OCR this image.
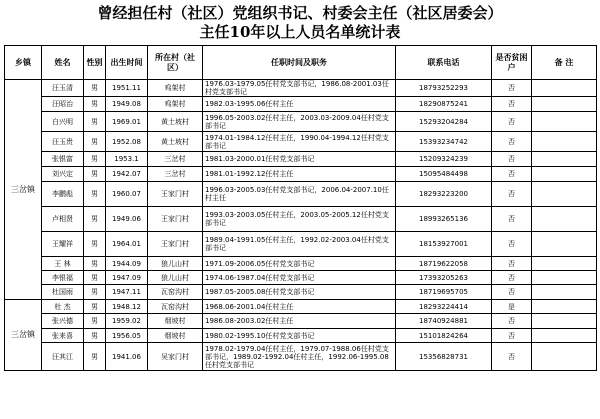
曾经担任村（社区）党组织书记、村委会主任（社区居委会）
主任10年以上人员名单统计表
乡镇	姓名	性别	出生时间	所在村（社区）	任职时间及职务	联系电话	是否贫困户	备 注
三岔镇	汪玉清	男	1951.11	鸡架村	1976.03-1979.05任村党支部书记，1986.08-2001.03任村党支部书记	18793252293	否	
	汪昭治	男	1949.08	鸡架村	1982.03-1995.06任村主任	18290875241	否	
	白兴明	男	1969.01	黄土坡村	1996.05-2003.02任村主任，2003.03-2009.04任村党支部书记	15293204284	否	
	汪玉贵	男	1952.08	黄土坡村	1974.01-1984.12任村主任，1990.04-1994.12任村党支部书记	15393234742	否	
	张银富	男	1953.1	三岔村	1981.03-2000.01任村党支部书记	15209324239	否	
	刘兴定	男	1942.07	三岔村	1981.01-1992.12任村主任	15095484498	否	
	李鹏彪	男	1960.07	王家门村	1996.03-2005.03任村党支部书记，2006.04-2007.10任村主任	18293223200	否	
	卢相贤	男	1949.06	王家门村	1993.03-2003.05任村主任，2003.05-2005.12任村党支部书记	18993265136	否	
	王耀祥	男	1964.01	王家门村	1989.04-1991.05任村主任，1992.02-2003.04任村党支部书记	18153927001	否	
	王 林	男	1944.09	狼儿山村	1971.09-2006.05任村党支部书记	18719622058	否	
	李银福	男	1947.09	狼儿山村	1974.06-1987.04任村党支部书记	17393205263	否	
	杜国雨	男	1947.11	瓦窑沟村	1987.05-2005.08任村党支部书记	18719695705	否	
三岔镇	杜 杰	男	1948.12	瓦窑沟村	1968.06-2001.04任村主任	18293224414	是	
	张兴德	男	1959.02	烟坡村	1986.08-2003.02任村主任	18740924881	否	
	张来喜	男	1956.05	烟坡村	1980.02-1995.10任村党支部书记	15101824264	否	
	汪其江	男	1941.06	吴家门村	1978.02-1979.04任村主任，1979.07-1988.06任村党支部书记，1989.02-1992.04任村主任，1992.06-1995.08任村党支部书记	15356828731	否	
